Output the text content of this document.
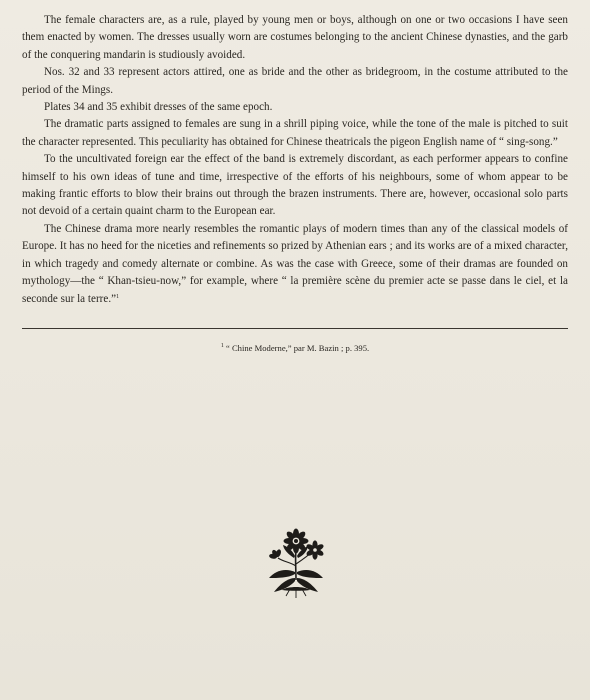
The female characters are, as a rule, played by young men or boys, although on one or two occasions I have seen them enacted by women. The dresses usually worn are costumes belonging to the ancient Chinese dynasties, and the garb of the conquering mandarin is studiously avoided.

Nos. 32 and 33 represent actors attired, one as bride and the other as bridegroom, in the costume attributed to the period of the Mings.

Plates 34 and 35 exhibit dresses of the same epoch.

The dramatic parts assigned to females are sung in a shrill piping voice, while the tone of the male is pitched to suit the character represented. This peculiarity has obtained for Chinese theatricals the pigeon English name of “ sing-song.”

To the uncultivated foreign ear the effect of the band is extremely discordant, as each performer appears to confine himself to his own ideas of tune and time, irrespective of the efforts of his neighbours, some of whom appear to be making frantic efforts to blow their brains out through the brazen instruments. There are, however, occasional solo parts not devoid of a certain quaint charm to the European ear.

The Chinese drama more nearly resembles the romantic plays of modern times than any of the classical models of Europe. It has no heed for the niceties and refinements so prized by Athenian ears ; and its works are of a mixed character, in which tragedy and comedy alternate or combine. As was the case with Greece, some of their dramas are founded on mythology—the “ Khan-tsieu-now,” for example, where “ la première scène du premier acte se passe dans le ciel, et la seconde sur la terre.”$^1$

$^1$ “ Chine Moderne,” par M. Bazin ; p. 395.
